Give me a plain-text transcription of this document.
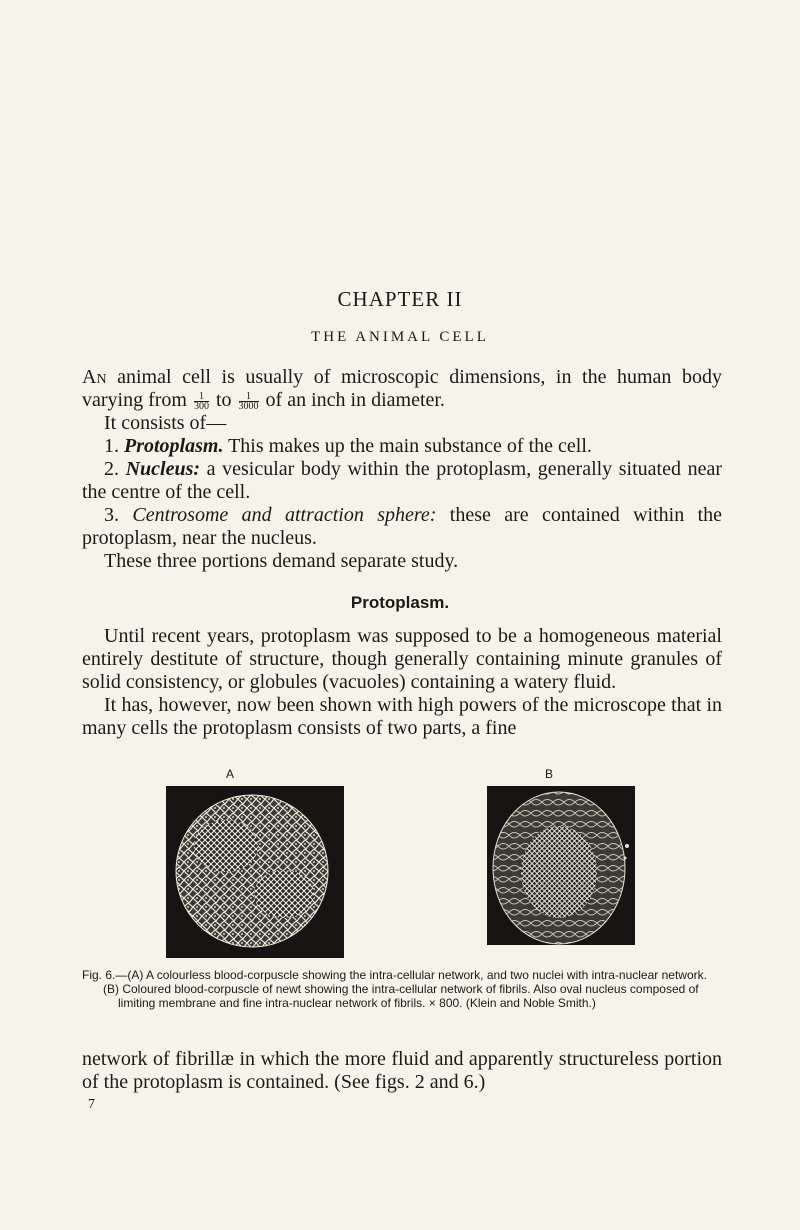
CHAPTER II
THE ANIMAL CELL

An animal cell is usually of microscopic dimensions, in the human body varying from $\frac{1}{300}$ to $\frac{1}{3000}$ of an inch in diameter.

It consists of—

1. Protoplasm. This makes up the main substance of the cell.

2. Nucleus: a vesicular body within the protoplasm, generally situated near the centre of the cell.

3. Centrosome and attraction sphere: these are contained within the protoplasm, near the nucleus.

These three portions demand separate study.

Protoplasm.

Until recent years, protoplasm was supposed to be a homogeneous material entirely destitute of structure, though generally containing minute granules of solid consistency, or globules (vacuoles) containing a watery fluid.

It has, however, now been shown with high powers of the microscope that in many cells the protoplasm consists of two parts, a fine

A	B

Fig. 6.—(A) A colourless blood-corpuscle showing the intra-cellular network, and two nuclei with intra-nuclear network.

(B) Coloured blood-corpuscle of newt showing the intra-cellular network of fibrils. Also oval nucleus composed of limiting membrane and fine intra-nuclear network of fibrils. × 800. (Klein and Noble Smith.)

network of fibrillæ in which the more fluid and apparently structureless portion of the protoplasm is contained. (See figs. 2 and 6.)

7
